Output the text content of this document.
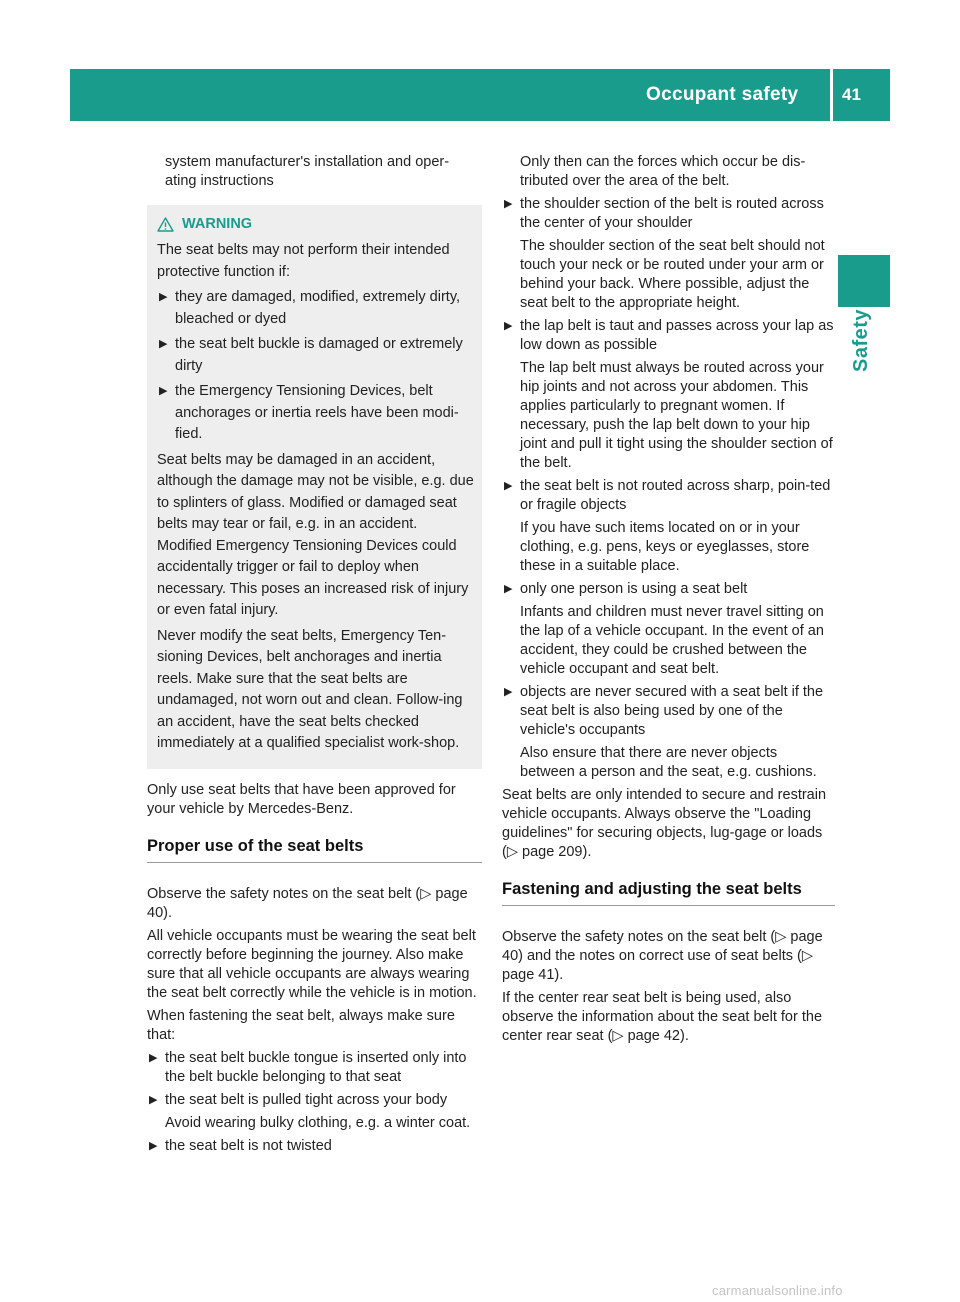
Occupant safety	41
Safety
system manufacturer's installation and oper-
ating instructions
WARNING

The seat belts may not perform their intended protective function if:

▶ they are damaged, modified, extremely dirty, bleached or dyed
▶ the seat belt buckle is damaged or extremely dirty
▶ the Emergency Tensioning Devices, belt anchorages or inertia reels have been modi-fied.

Seat belts may be damaged in an accident, although the damage may not be visible, e.g. due to splinters of glass. Modified or damaged seat belts may tear or fail, e.g. in an accident. Modified Emergency Tensioning Devices could accidentally trigger or fail to deploy when necessary. This poses an increased risk of injury or even fatal injury.

Never modify the seat belts, Emergency Ten-sioning Devices, belt anchorages and inertia reels. Make sure that the seat belts are undamaged, not worn out and clean. Follow-ing an accident, have the seat belts checked immediately at a qualified specialist work-shop.

Only use seat belts that have been approved for your vehicle by Mercedes-Benz.

Proper use of the seat belts

Observe the safety notes on the seat belt (▷ page 40).

All vehicle occupants must be wearing the seat belt correctly before beginning the journey. Also make sure that all vehicle occupants are always wearing the seat belt correctly while the vehicle is in motion.

When fastening the seat belt, always make sure that:

▶ the seat belt buckle tongue is inserted only into the belt buckle belonging to that seat

▶ the seat belt is pulled tight across your body

Avoid wearing bulky clothing, e.g. a winter coat.

▶ the seat belt is not twisted

Only then can the forces which occur be dis-tributed over the area of the belt.

▶ the shoulder section of the belt is routed across the center of your shoulder

The shoulder section of the seat belt should not touch your neck or be routed under your arm or behind your back. Where possible, adjust the seat belt to the appropriate height.

▶ the lap belt is taut and passes across your lap as low down as possible

The lap belt must always be routed across your hip joints and not across your abdomen. This applies particularly to pregnant women. If necessary, push the lap belt down to your hip joint and pull it tight using the shoulder section of the belt.

▶ the seat belt is not routed across sharp, poin-ted or fragile objects

If you have such items located on or in your clothing, e.g. pens, keys or eyeglasses, store these in a suitable place.

▶ only one person is using a seat belt

Infants and children must never travel sitting on the lap of a vehicle occupant. In the event of an accident, they could be crushed between the vehicle occupant and seat belt.

▶ objects are never secured with a seat belt if the seat belt is also being used by one of the vehicle's occupants

Also ensure that there are never objects between a person and the seat, e.g. cushions.

Seat belts are only intended to secure and restrain vehicle occupants. Always observe the "Loading guidelines" for securing objects, lug-gage or loads (▷ page 209).

Fastening and adjusting the seat belts

Observe the safety notes on the seat belt (▷ page 40) and the notes on correct use of seat belts (▷ page 41).

If the center rear seat belt is being used, also observe the information about the seat belt for the center rear seat (▷ page 42).

carmanualsonline.info
